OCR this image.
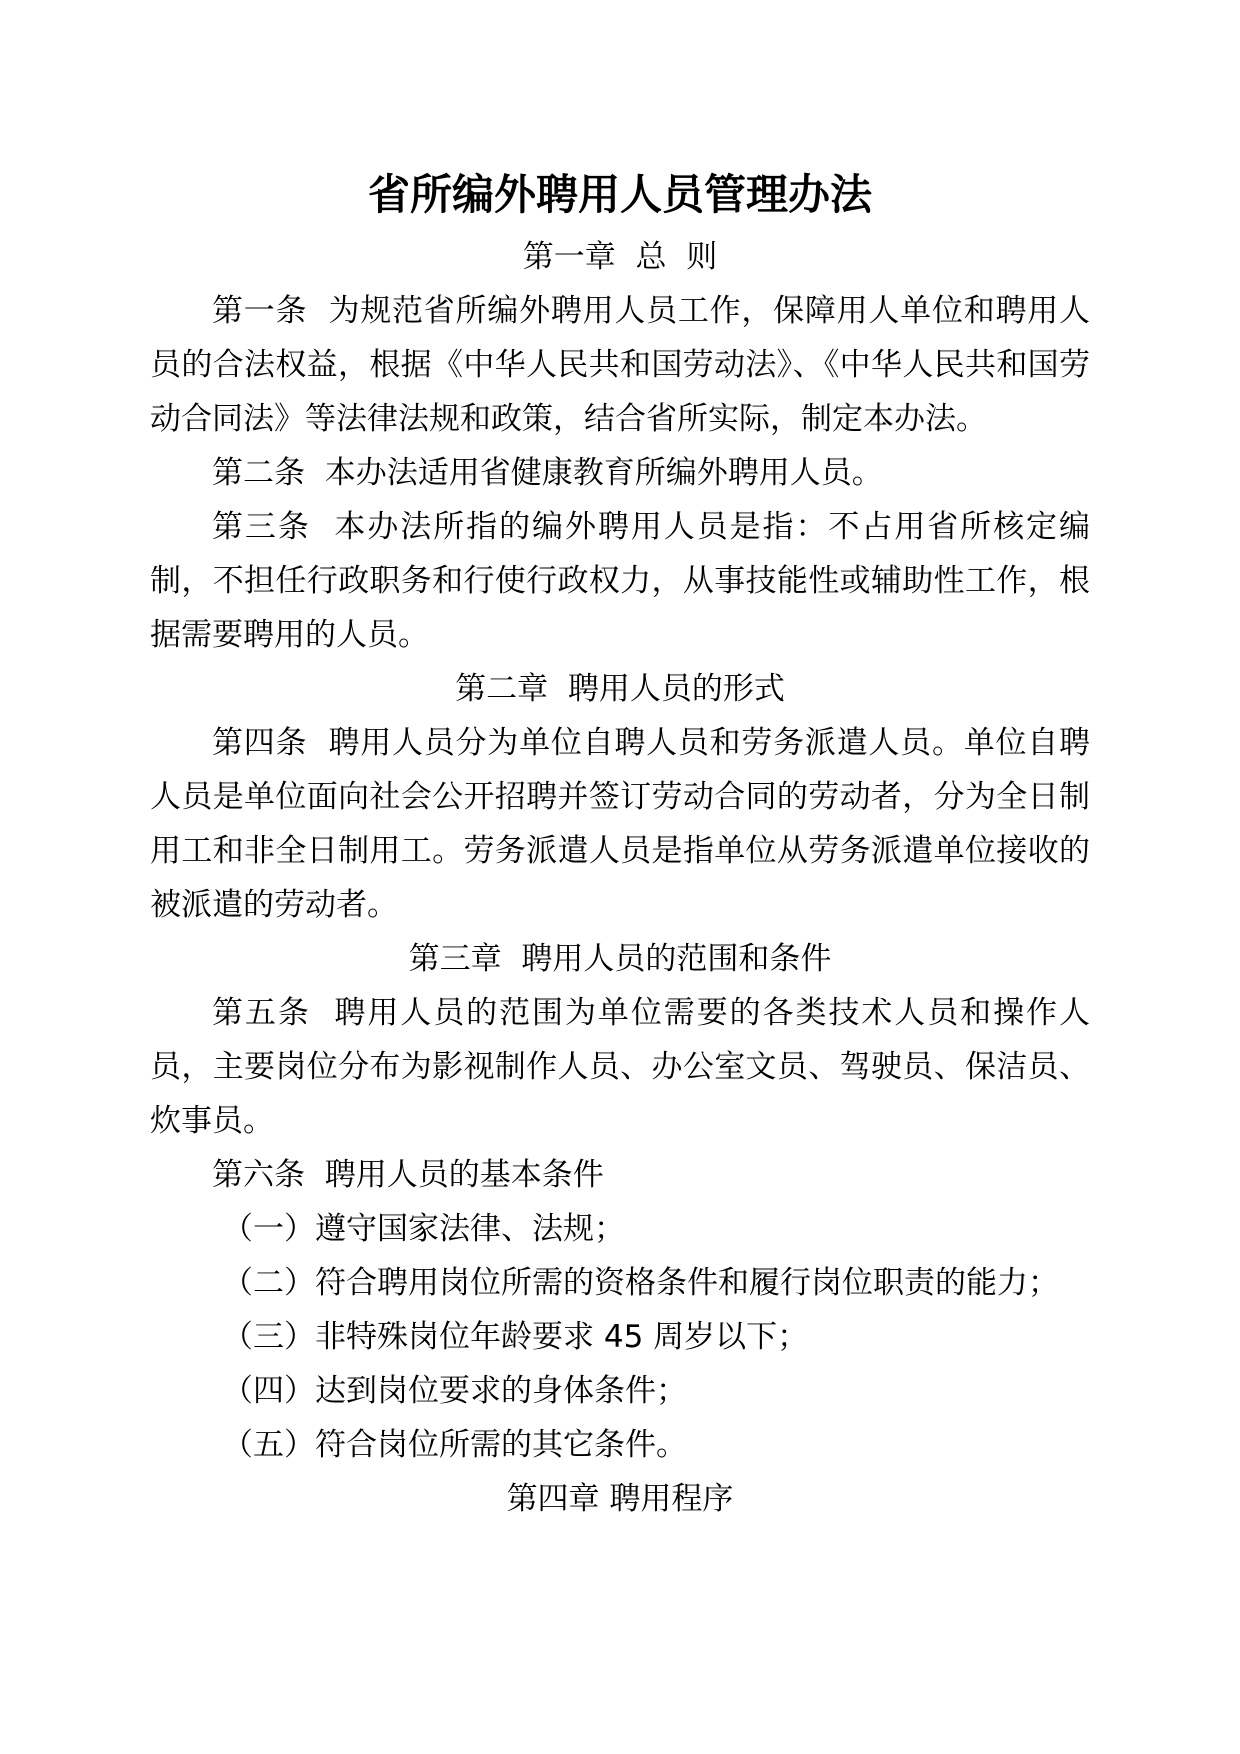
省所编外聘用人员管理办法

第一章  总  则

第一条  为规范省所编外聘用人员工作，保障用人单位和聘用人员的合法权益，根据《中华人民共和国劳动法》、《中华人民共和国劳动合同法》等法律法规和政策，结合省所实际，制定本办法。

第二条  本办法适用省健康教育所编外聘用人员。

第三条  本办法所指的编外聘用人员是指：不占用省所核定编制，不担任行政职务和行使行政权力，从事技能性或辅助性工作，根据需要聘用的人员。

第二章  聘用人员的形式

第四条  聘用人员分为单位自聘人员和劳务派遣人员。单位自聘人员是单位面向社会公开招聘并签订劳动合同的劳动者，分为全日制用工和非全日制用工。劳务派遣人员是指单位从劳务派遣单位接收的被派遣的劳动者。

第三章  聘用人员的范围和条件

第五条  聘用人员的范围为单位需要的各类技术人员和操作人员，主要岗位分布为影视制作人员、办公室文员、驾驶员、保洁员、炊事员。

第六条  聘用人员的基本条件

（一）遵守国家法律、法规；

（二）符合聘用岗位所需的资格条件和履行岗位职责的能力；

（三）非特殊岗位年龄要求 45 周岁以下；

（四）达到岗位要求的身体条件；

（五）符合岗位所需的其它条件。

第四章 聘用程序
